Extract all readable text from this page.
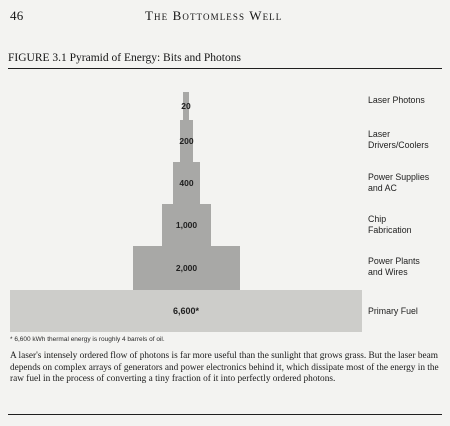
46	The Bottomless Well
FIGURE 3.1 Pyramid of Energy: Bits and Photons
20
200
400
1,000
2,000
6,600*
Laser Photons
Laser Drivers/Coolers
Power Supplies and AC
Chip Fabrication
Power Plants and Wires
Primary Fuel
* 6,600 kWh thermal energy is roughly 4 barrels of oil.
A laser's intensely ordered flow of photons is far more useful than the sunlight that grows grass. But the laser beam depends on complex arrays of generators and power electronics behind it, which dissipate most of the energy in the raw fuel in the process of converting a tiny fraction of it into perfectly ordered photons.
